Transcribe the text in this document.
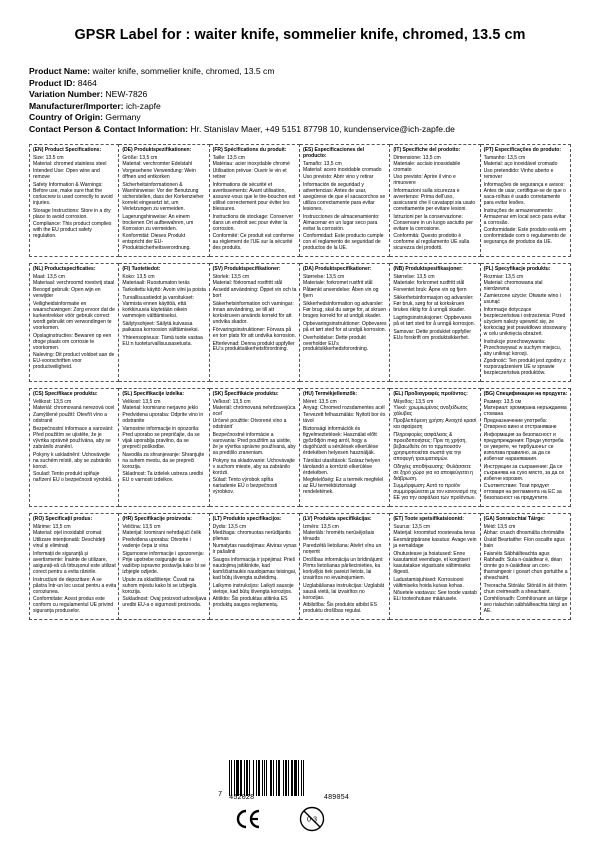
GPSR Label for : waiter knife, sommelier knife, chromed, 13.5 cm
Product Name: waiter knife, sommelier knife, chromed, 13.5 cm
Product ID: 8464
Variation Number: NEW-7826
Manufacturer/Importer: ich-zapfe
Country of Origin: Germany
Contact Person & Contact Information: Hr. Stanislav Maer, +49 5151 87798 10, kundenservice@ich-zapfe.de

(EN) Product Specifications:

Size: 13.5 cm
Material: chromed stainless steel

Intended Use: Open wine and remove

Safety Information & Warnings: Before use, make sure that the corkscrew is used correctly to avoid injuries.

Storage Instructions: Store in a dry place to avoid corrosion.

Compliance: This product complies with the EU product safety regulation.

(DE) Produktspezifikationen:

Größe: 13,5 cm
Material: verchromter Edelstahl

Vorgesehene Verwendung: Wein öffnen und entkorken

Sicherheitsinformationen & Warnhinweise: Vor der Benutzung sicherstellen, dass der Korkenzieher korrekt eingesetzt ist, um Verletzungen zu vermeiden.

Lagerungshinweise: An einem trockenen Ort aufbewahren, um Korrosion zu vermeiden.

Konformität: Dieses Produkt entspricht der EU-Produktsicherheitsverordnung.

(FR) Spécifications du produit:

Taille: 13,5 cm
Matériau: acier inoxydable chromé

Utilisation prévue: Ouvrir le vin et retirer

Informations de sécurité et avertissements: Avant utilisation, assurez-vous que le tire-bouchon est utilisé correctement pour éviter les blessures.

Instructions de stockage: Conserver dans un endroit sec pour éviter la corrosion.

Conformité: Ce produit est conforme au règlement de l'UE sur la sécurité des produits.

(ES) Especificaciones del producto:

Tamaño: 13,5 cm
Material: acero inoxidable cromado

Uso previsto: Abrir vino y retirar

Información de seguridad y advertencias: Antes de usar, asegúrese de que el sacacorchos se utiliza correctamente para evitar lesiones.

Instrucciones de almacenamiento: Almacenar en un lugar seco para evitar la corrosión.

Conformidad: Este producto cumple con el reglamento de seguridad de productos de la UE.

(IT) Specifiche del prodotto:

Dimensione: 13,5 cm
Materiale: acciaio inossidabile cromato

Uso previsto: Aprire il vino e rimuovere

Informazioni sulla sicurezza e avvertenze: Prima dell'uso, assicurarsi che il cavatappi sia usato correttamente per evitare lesioni.

Istruzioni per la conservazione: Conservare in un luogo asciutto per evitare la corrosione.

Conformità: Questo prodotto è conforme al regolamento UE sulla sicurezza dei prodotti.

(PT) Especificações do produto:

Tamanho: 13,5 cm
Material: aço inoxidável cromado

Uso pretendido: Vinho aberto e remover

Informações de segurança e avisos: Antes de usar, certifique-se de que o saca-rolhas é usado corretamente para evitar lesões.

Instruções de armazenamento: Armazenar em local seco para evitar a corrosão.

Conformidade: Este produto está em conformidade com o regulamento de segurança de produtos da UE.

(NL) Productspecificaties:

Maat: 13,5 cm
Materiaal: verchroomd roestvrij staal

Beoogd gebruik: Open wijn en verwijder

Veiligheidsinformatie en waarschuwingen: Zorg ervoor dat de kurkentrekker vóór gebruik correct wordt gebruikt om verwondingen te voorkomen.

Opslaginstructies: Bewaren op een droge plaats om corrosie te voorkomen.

Naleving: Dit product voldoet aan de EU-voorschriften voor productveiligheid.

(FI) Tuotetiedot:

Koko: 13,5 cm
Materiaali: Ruostumaton teräs

Tarkoitettu käyttö: Avoin viini ja poista

Turvallisuustiedot ja varoitukset: Varmista ennen käyttöä, että korkkiruuvia käytetään oikein vammojen välttämiseksi.

Säilytysohjeet: Säilytä kuivassa paikassa korroosion välttämiseksi.

Yhteensopivuus: Tämä tuote vastaa EU:n tuoteturvallisuusasetusta.

(SV) Produktspecifikationer:

Storlek: 13,5 cm
Material: förkromad rostfritt stål

Avsedd användning: Öppet vin och ta bort

Säkerhetsinformation och varningar: Innan användning, se till att korkskruven används korrekt för att undvika skador.

Förvaringsinstruktioner: Förvara på en torr plats för att undvika korrosion.

Efterlevnad: Denna produkt uppfyller EU:s produktsäkerhetsförordning.

(DA) Produktspecifikationer:

Størrelse: 13,5 cm
Materiale: forkromet rustfrit stål

Påtænkt anvendelse: Åben vin og fjern

Sikkerhedsinformation og advarsler: Før brug, skal du sørge for, at skruen bruges korrekt for at undgå skader.

Opbevaringsinstruktioner: Opbevares på et tørt sted for at undgå korrosion.

Overholdelse: Dette produkt overholder EU's produktsikkerhedsforordning.

(NB) Produktspesifikasjoner:

Størrelse: 13,5 cm
Materiale: forkromet rustfritt stål

Forventet bruk: Åpne vin og fjern

Sikkerhetsinformasjon og advarsler: Før bruk, sørg for at korkskruen brukes riktig for å unngå skader.

Lagringsinstruksjoner: Oppbevares på et tørt sted for å unngå korrosjon.

Samsvar: Dette produktet oppfyller EUs forskrift om produktsikkerhet.

(PL) Specyfikacje produktu:

Rozmiar: 13,5 cm
Materiał: chromowana stal nierdzewna

Zamierzone użycie: Otwarte wino i usunąć

Informacje dotyczące bezpieczeństwa i ostrzeżenia: Przed użyciem należy upewnić się, że korkociąg jest prawidłowo stosowany w celu uniknięcia obrażeń.

Instrukcje przechowywania: Przechowywać w suchym miejscu, aby uniknąć korozji.

Zgodność: Ten produkt jest zgodny z rozporządzeniem UE w sprawie bezpieczeństwa produktów.

(CS) Specifikace produktu:

Velikost: 13,5 cm
Materiál: chromovaná nerezová ocel

Zamýšlené použití: Otevřít víno a odstranit

Bezpečnostní informace a varování: Před použitím se ujistěte, že je vývrtka správně používána, aby se zabránilo zranění.

Pokyny k uskladnění: Uchovávejte na suchém místě, aby se zabránilo korozi.

Soulad: Tento produkt splňuje nařízení EU o bezpečnosti výrobků.

(SL) Specifikacije izdelka:

Velikost: 13,5 cm
Material: kromirano nerjavno jeklo

Predvidena uporaba: Odprite vino in odstranite

Varnostne informacije in opozorila: Pred uporabo se prepričajte, da se vijak uporablja pravilno, da se prepreči poškodbe.

Navodila za shranjevanje: Shranjujte na suhem mestu, da se prepreči korozija.

Skladnost: Ta izdelek ustreza uredbi EU o varnosti izdelkov.

(SK) Špecifikácie produktu:

Veľkosť: 13,5 cm
Materiál: chrómovaná nehrdzavejúca oceľ

Určené použitie: Otvorené víno a odstrániť

Bezpečnostné informácie a varovania: Pred použitím sa uistite, že je vývrtka správne používaná, aby sa predišlo zraneniam.

Pokyny na skladovanie: Uchovávajte v suchom mieste, aby sa zabránilo korózii.

Súlad: Tento výrobok spĺňa nariadenie EÚ o bezpečnosti výrobkov.

(HU) Termékjellemzők:

Méret: 13,5 cm
Anyag: Chromed rozsdamentes acél

Tervezett felhasználás: Nyitott bor és távol

Biztonsági információk és figyelmeztetések: Használat előtt győződjön meg arról, hogy a dugóhúzót a sérülések elkerülése érdekében helyesen használják.

Tárolási utasítások: Száraz helyen tárolandó a korrózió elkerülése érdekében.

Megfelelőség: Ez a termék megfelel az EU termékbiztonsági rendeletének.

(EL) Προδιαγραφές προϊόντος:

Μέγεθος: 13,5 cm
Υλικό: χρωμιωμένος ανοξείδωτος χάλυβας

Προβλεπόμενη χρήση: Ανοιχτό κρασί και αφαίρεση

Πληροφορίες ασφάλειας & προειδοποιήσεις: Πριν τη χρήση, βεβαιωθείτε ότι το τιρμπουσόν χρησιμοποιείται σωστά για την αποφυγή τραυματισμών.

Οδηγίες αποθήκευσης: Φυλάσσετε σε ξηρό χώρο για να αποφεύγεται η διάβρωση.

Συμμόρφωση: Αυτό το προϊόν συμμορφώνεται με τον κανονισμό της ΕΕ για την ασφάλεια των προϊόντων.

(BG) Спецификации на продукта:

Размер: 13,5 см
Материал: хромирана неръждаема стомана

Предназначение употреба: Отворено вино и отстраняване

Информация за безопасност и предупреждения: Преди употреба се уверете, че тирбушонът се използва правилно, за да се избегнат наранявания.

Инструкции за съхранение: Да се съхранява на сухо място, за да се избегне корозия.

Съответствие: Този продукт отговаря на регламента на ЕС за безопасност на продуктите.

(RO) Specificații produs:

Mărime: 13,5 cm
Material: oțel inoxidabil cromat

Utilizare intenționată: Deschideți vinul și eliminați

Informații de siguranță și avertismente: Înainte de utilizare, asigurați-vă că tirbușonul este utilizat corect pentru a evita rănirile.

Instrucțiuni de depozitare: A se păstra într-un loc uscat pentru a evita coroziunea.

Conformitate: Acest produs este conform cu regulamentul UE privind siguranța produselor.

(HR) Specifikacije proizvoda:

Veličina: 13,5 cm
Materijal: kromirani nehrđajući čelik

Predviđena uporaba: Otvorite i vadenje čepa iz vina

Sigurnosne informacije i upozorenja: Prije upotrebe osigurajte da se vadičep ispravno postavlja kako bi se izbjegle ozljede.

Upute za skladištenje: Čuvati na suhom mjestu kako bi se izbjegla korozija.

Sukladnost: Ovaj proizvod udovoljava uredbi EU-a o sigurnosti proizvoda.

(LT) Produkto specifikacijos:

Dydis: 13,5 cm
Medžiaga: chromuotas nerūdijantis plienas

Numatytas naudojimas: Atviras vynas ir pašalinti

Saugos informacija ir įspėjimai: Prieš naudojimą įsitikinkite, kad kamščiatraukis naudojamas teisingai, kad būtų išvengta sužeidimų.

Laikymo instrukcijos: Laikyti sausoje vietoje, kad būtų išvengta korozijos.

Atitiktis: Šis produktas atitinka ES produktų saugos reglamentą.

(LV) Produkta specifikācijas:

Izmērs: 13,5 cm
Materiāls: hromēts nerūsējošais tērauds

Paredzētā lietošana: Atvērt vīnu un noņemt

Drošības informācija un brīdinājumi: Pirms lietošanas pārliecinieties, ka korķviļķis tiek pareizi lietots, lai izvairītos no ievainojumiem.

Uzglabāšanas instrukcijas: Uzglabāt sausā vietā, lai izvairītos no korozijas.

Atbilstība: Šis produkts atbilst ES produktu drošības regulai.

(ET) Toote spetsifikatsioonid:

Suurus: 13,5 cm
Materjal: kroomitud roostevaba teras

Eesmärgipärane kasutus: Avage vein ja eemaldage

Ohutusteave ja hoiatused: Enne kasutamist veenduge, et korgitseri kasutatakse vigastuste vältimiseks õigesti.

Ladustamisjuhised: Korrosiooni vältimiseks hoida kuivas kohas.

Nõuetele vastavus: See toode vastab ELi tooteohutuse määrusele.

(GA) Sonraíochtaí Táirge:

Méid: 13,5 cm
Ábhar: cruach dhosmálta chrómáilte

Úsáid Beartaithe: Fíon oscailte agus bain

Faisnéis Sábháilteachta agus Rabhadh: Sula n-úsáidtear é, déan cinnte go n-úsáidtear an corc-tharraingeoir i gceart chun gortuithe a sheachaint.

Treoracha Stórála: Stóráil in áit thirim chun creimeadh a sheachaint.

Comhlíonadh: Comhlíonann an táirge seo rialachán sábháilteachta táirgí an AE.

7 452028	489054
0-3
